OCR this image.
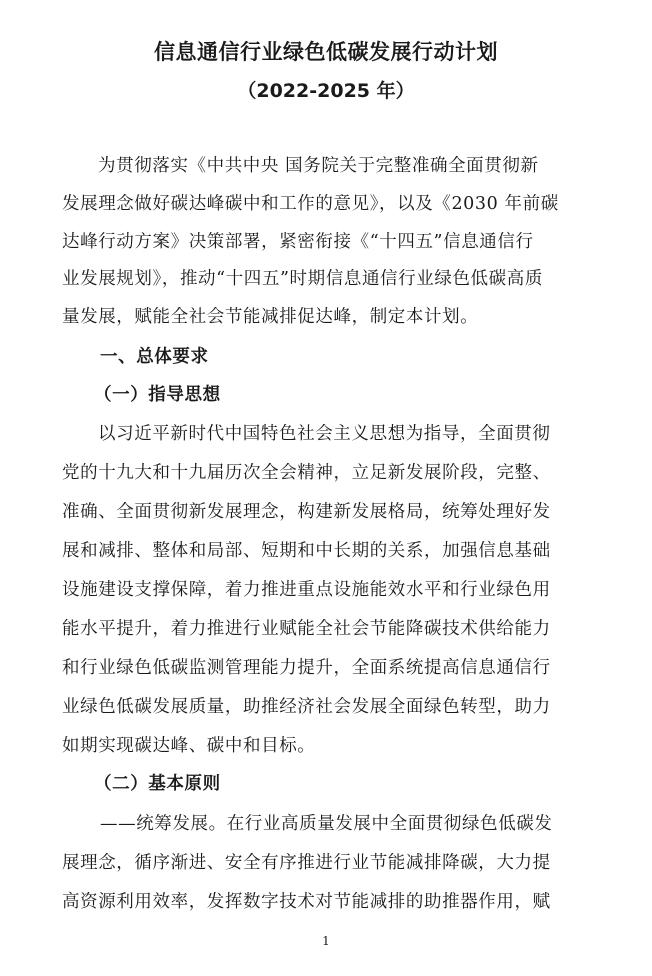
信息通信行业绿色低碳发展行动计划
（2022-2025 年）
为贯彻落实《中共中央 国务院关于完整准确全面贯彻新
发展理念做好碳达峰碳中和工作的意见》，以及《2030 年前碳
达峰行动方案》决策部署，紧密衔接《“十四五”信息通信行
业发展规划》，推动“十四五”时期信息通信行业绿色低碳高质
量发展，赋能全社会节能减排促达峰，制定本计划。
一、总体要求
（一）指导思想
以习近平新时代中国特色社会主义思想为指导，全面贯彻
党的十九大和十九届历次全会精神，立足新发展阶段，完整、
准确、全面贯彻新发展理念，构建新发展格局，统筹处理好发
展和减排、整体和局部、短期和中长期的关系，加强信息基础
设施建设支撑保障，着力推进重点设施能效水平和行业绿色用
能水平提升，着力推进行业赋能全社会节能降碳技术供给能力
和行业绿色低碳监测管理能力提升，全面系统提高信息通信行
业绿色低碳发展质量，助推经济社会发展全面绿色转型，助力
如期实现碳达峰、碳中和目标。
（二）基本原则
——统筹发展。在行业高质量发展中全面贯彻绿色低碳发
展理念，循序渐进、安全有序推进行业节能减排降碳，大力提
高资源利用效率，发挥数字技术对节能减排的助推器作用，赋
1
